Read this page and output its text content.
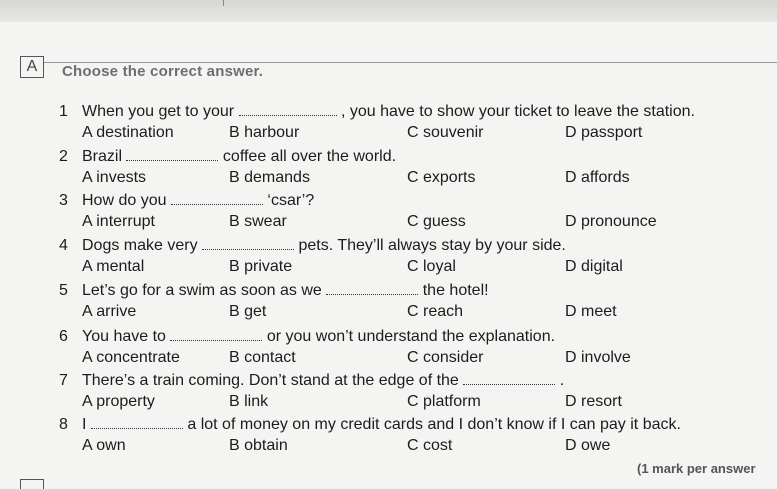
A	Choose the correct answer.
1 When you get to your	, you have to show your ticket to leave the station.
A destination	B harbour	C souvenir	D passport
2 Brazil	coffee all over the world.
A invests	B demands	C exports	D affords
3 How do you	‘csar’?
A interrupt	B swear	C guess	D pronounce
4 Dogs make very	pets. They’ll always stay by your side.
A mental	B private	C loyal	D digital
5 Let’s go for a swim as soon as we	the hotel!
A arrive	B get	C reach	D meet
6 You have to	or you won’t understand the explanation.
A concentrate	B contact	C consider	D involve
7 There’s a train coming. Don’t stand at the edge of the	.
A property	B link	C platform	D resort
8 I	a lot of money on my credit cards and I don’t know if I can pay it back.
A own	B obtain	C cost	D owe
(1 mark per answer
